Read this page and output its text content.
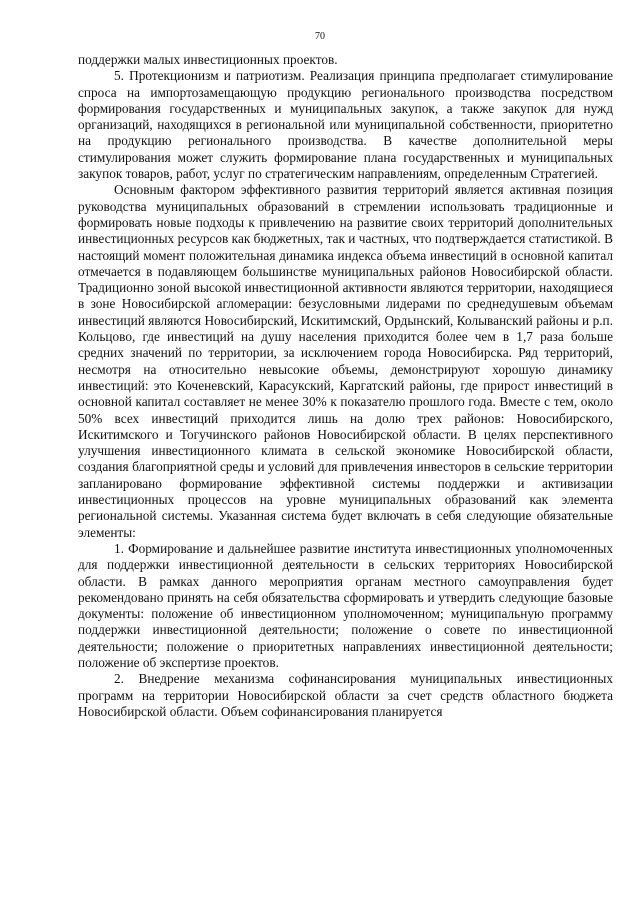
70

поддержки малых инвестиционных проектов.

5. Протекционизм и патриотизм. Реализация принципа предполагает стимулирование спроса на импортозамещающую продукцию регионального производства посредством формирования государственных и муниципальных закупок, а также закупок для нужд организаций, находящихся в региональной или муниципальной собственности, приоритетно на продукцию регионального производства. В качестве дополнительной меры стимулирования может служить формирование плана государственных и муниципальных закупок товаров, работ, услуг по стратегическим направлениям, определенным Стратегией.

Основным фактором эффективного развития территорий является активная позиция руководства муниципальных образований в стремлении использовать традиционные и формировать новые подходы к привлечению на развитие своих территорий дополнительных инвестиционных ресурсов как бюджетных, так и частных, что подтверждается статистикой. В настоящий момент положительная динамика индекса объема инвестиций в основной капитал отмечается в подавляющем большинстве муниципальных районов Новосибирской области. Традиционно зоной высокой инвестиционной активности являются территории, находящиеся в зоне Новосибирской агломерации: безусловными лидерами по среднедушевым объемам инвестиций являются Новосибирский, Искитимский, Ордынский, Колыванский районы и р.п. Кольцово, где инвестиций на душу населения приходится более чем в 1,7 раза больше средних значений по территории, за исключением города Новосибирска. Ряд территорий, несмотря на относительно невысокие объемы, демонстрируют хорошую динамику инвестиций: это Коченевский, Карасукский, Каргатский районы, где прирост инвестиций в основной капитал составляет не менее 30% к показателю прошлого года. Вместе с тем, около 50% всех инвестиций приходится лишь на долю трех районов: Новосибирского, Искитимского и Тогучинского районов Новосибирской области. В целях перспективного улучшения инвестиционного климата в сельской экономике Новосибирской области, создания благоприятной среды и условий для привлечения инвесторов в сельские территории запланировано формирование эффективной системы поддержки и активизации инвестиционных процессов на уровне муниципальных образований как элемента региональной системы. Указанная система будет включать в себя следующие обязательные элементы:

1. Формирование и дальнейшее развитие института инвестиционных уполномоченных для поддержки инвестиционной деятельности в сельских территориях Новосибирской области. В рамках данного мероприятия органам местного самоуправления будет рекомендовано принять на себя обязательства сформировать и утвердить следующие базовые документы: положение об инвестиционном уполномоченном; муниципальную программу поддержки инвестиционной деятельности; положение о совете по инвестиционной деятельности; положение о приоритетных направлениях инвестиционной деятельности; положение об экспертизе проектов.

2. Внедрение механизма софинансирования муниципальных инвестиционных программ на территории Новосибирской области за счет средств областного бюджета Новосибирской области. Объем софинансирования планируется
